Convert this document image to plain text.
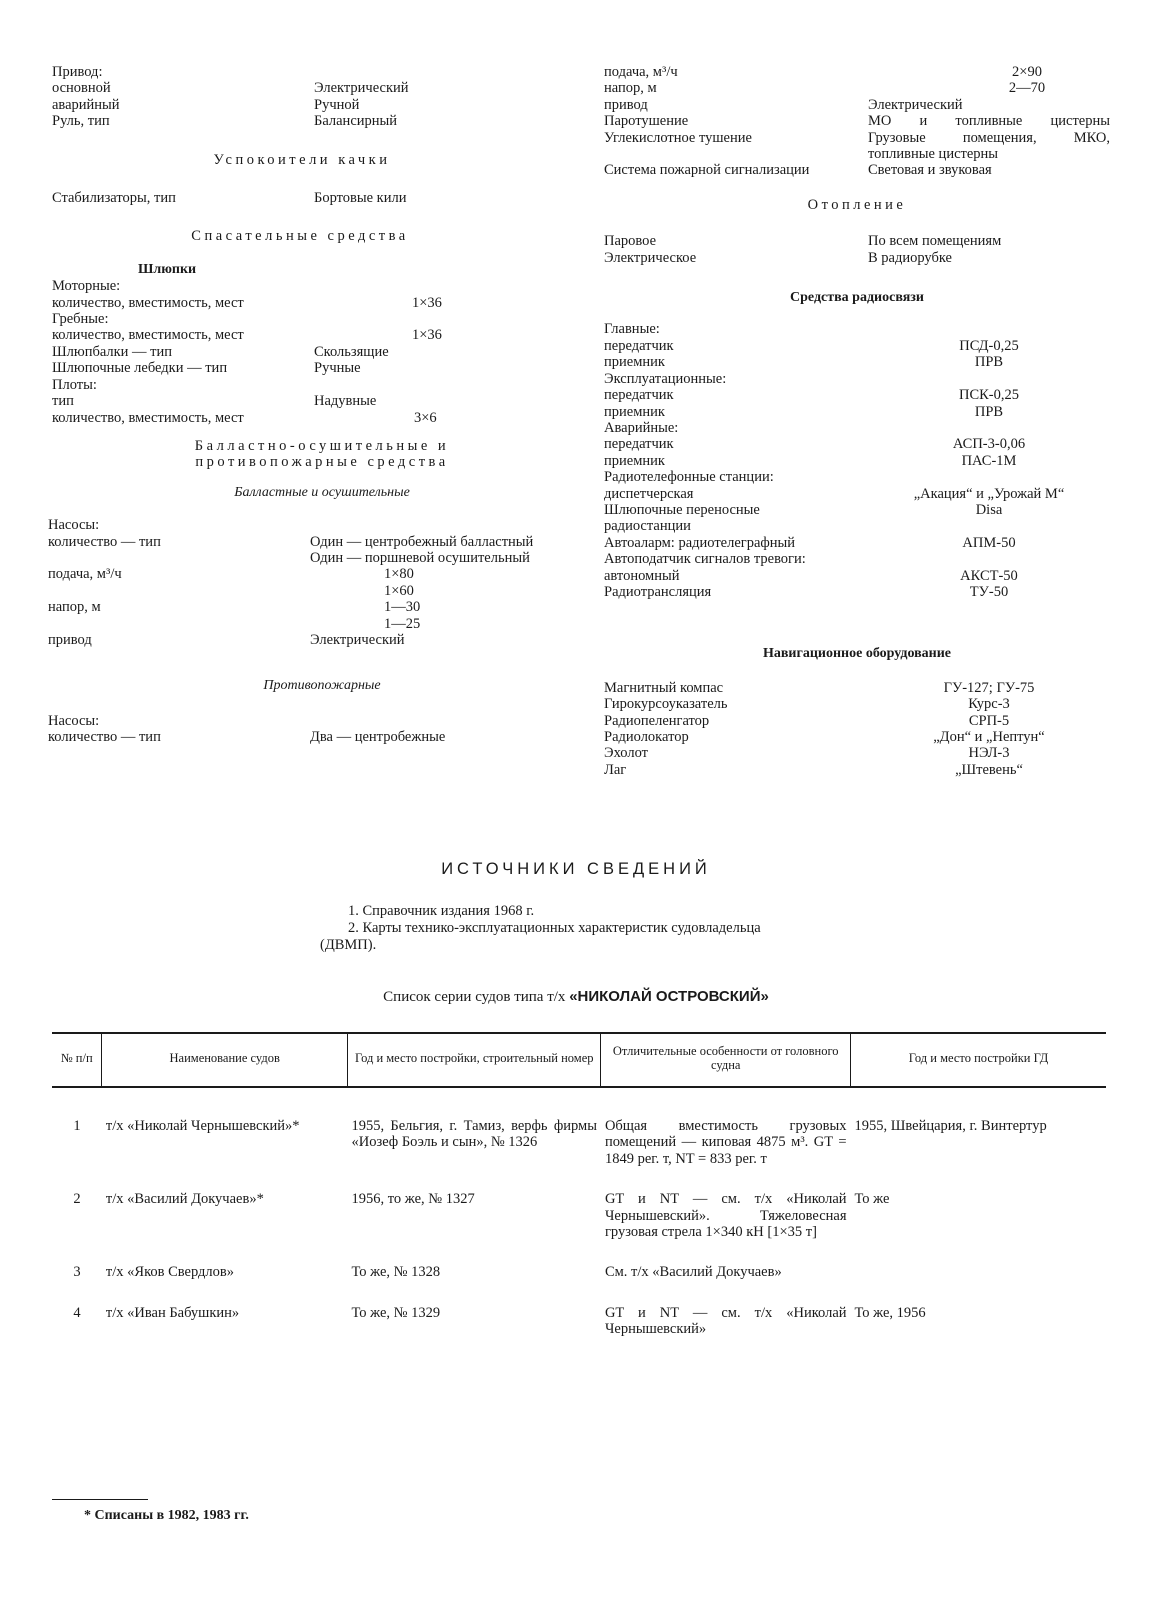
Привод:
основной	Электрический
аварийный	Ручной
Руль, тип	Балансирный
Успокоители качки
Стабилизаторы, тип	Бортовые кили
Спасательные средства
Шлюпки
Моторные:
количество, вместимость, мест	1×36
Гребные:
количество, вместимость, мест	1×36
Шлюпбалки — тип	Скользящие
Шлюпочные лебедки — тип	Ручные
Плоты:
тип	Надувные
количество, вместимость, мест	3×6
Балластно-осушительные и
противопожарные средства
Балластные и осушительные
Насосы:
количество — тип	Один — центробежный балластный
Один — поршневой осушительный
подача, м³/ч	1×80
1×60
напор, м	1—30
1—25
привод	Электрический
Противопожарные
Насосы:
количество — тип	Два — центробежные
подача, м³/ч	2×90
напор, м	2—70
привод	Электрический
Паротушение	МО и топливные цистерны
Углекислотное тушение	Грузовые помещения, МКО, топливные цистерны
Система пожарной сигнализации	Световая и звуковая
Отопление
Паровое	По всем помещениям
Электрическое	В радиорубке
Средства радиосвязи
Главные:
передатчик	ПСД-0,25
приемник	ПРВ
Эксплуатационные:
передатчик	ПСК-0,25
приемник	ПРВ
Аварийные:
передатчик	АСП-3-0,06
приемник	ПАС-1М
Радиотелефонные станции:
диспетчерская	„Акация“ и „Урожай М“
Шлюпочные переносные радиостанции
Disa
Автоаларм: радиотелеграфный	АПМ-50
Автоподатчик сигналов тревоги:
автономный	АКСТ-50
Радиотрансляция	ТУ-50
Навигационное оборудование
Магнитный компас	ГУ-127; ГУ-75
Гирокурсоуказатель	Курс-3
Радиопеленгатор	СРП-5
Радиолокатор	„Дон“ и „Нептун“
Эхолот	НЭЛ-3
Лаг	„Штевень“
ИСТОЧНИКИ СВЕДЕНИЙ

1. Справочник издания 1968 г.

2. Карты технико-эксплуатационных характеристик судовладельца (ДВМП).

Список серии судов типа т/х «НИКОЛАЙ ОСТРОВСКИЙ»
№ п/п	Наименование судов	Год и место постройки, строительный номер	Отличительные особенности от головного судна	Год и место постройки ГД
1	т/х «Николай Чернышевский»*	1955, Бельгия, г. Тамиз, верфь фирмы «Иозеф Боэль и сын», № 1326	Общая вместимость грузовых помещений — киповая 4875 м³. GT = 1849 рег. т, NT = 833 рег. т	1955, Швейцария, г. Винтертур
2	т/х «Василий Докучаев»*	1956, то же, № 1327	GT и NT — см. т/х «Николай Чернышевский». Тяжеловесная грузовая стрела 1×340 кН [1×35 т]	То же
3	т/х «Яков Свердлов»	То же, № 1328	См. т/х «Василий Докучаев»	
4	т/х «Иван Бабушкин»	То же, № 1329	GT и NT — см. т/х «Николай Чернышевский»	То же, 1956
* Списаны в 1982, 1983 гг.
